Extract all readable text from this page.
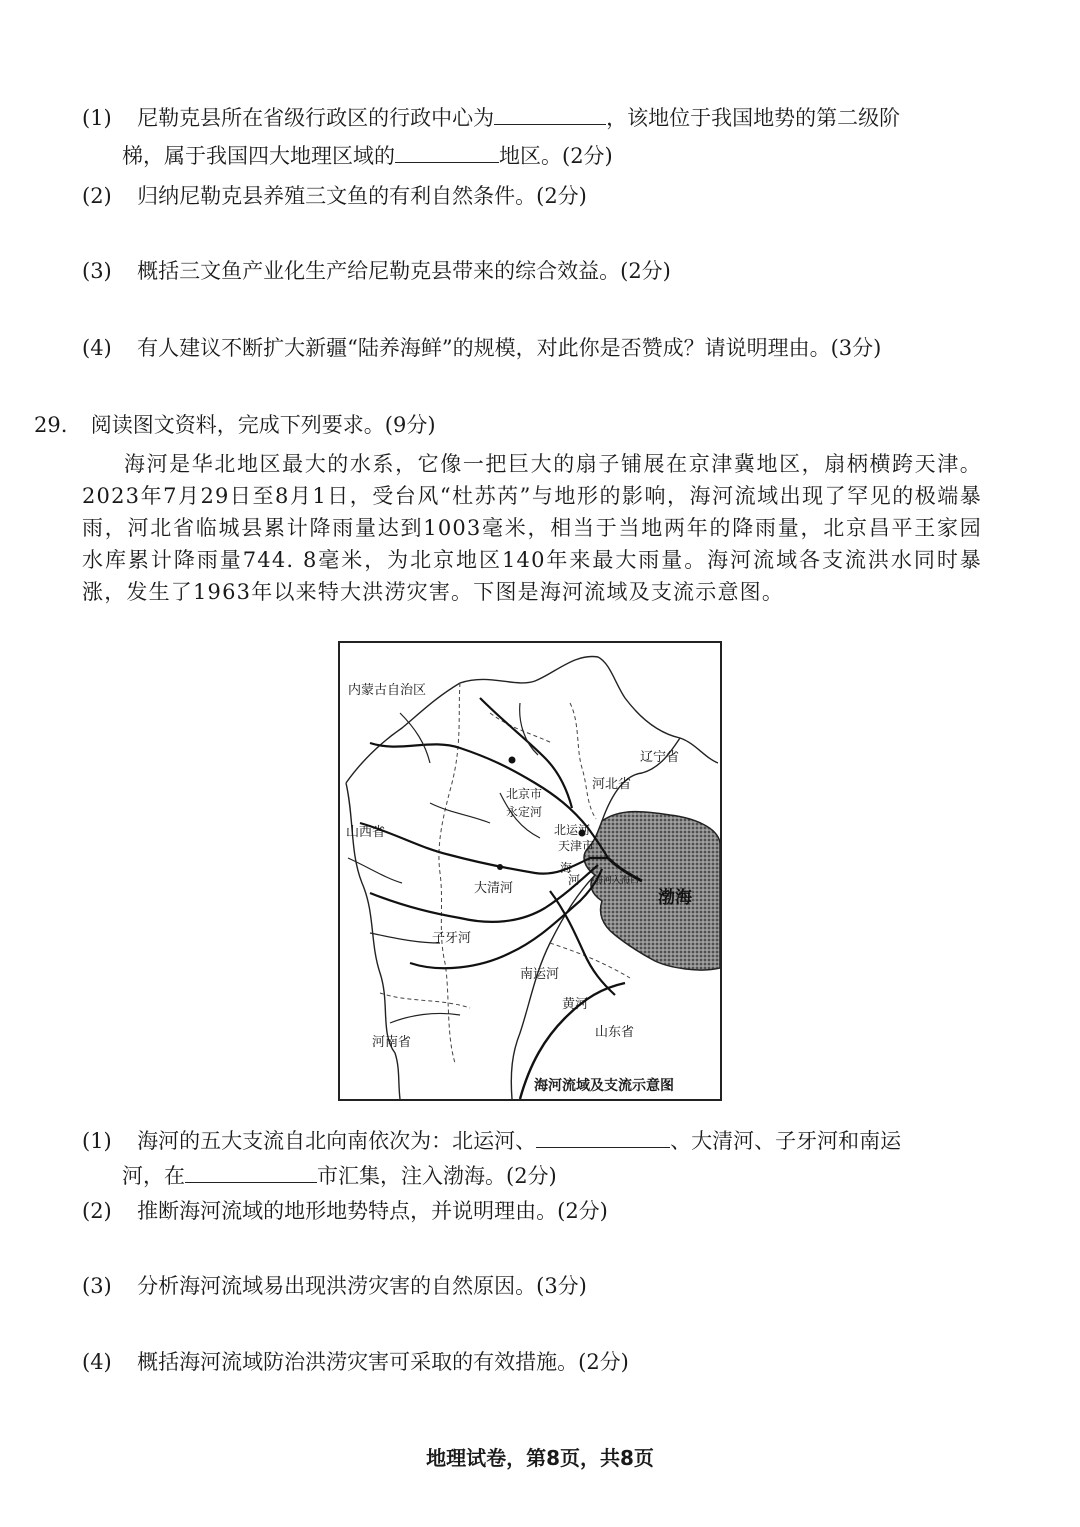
(1) 尼勒克县所在省级行政区的行政中心为	，该地位于我国地势的第二级阶
梯，属于我国四大地理区域的	地区。(2分)
(2) 归纳尼勒克县养殖三文鱼的有利自然条件。(2分)
(3) 概括三文鱼产业化生产给尼勒克县带来的综合效益。(2分)
(4) 有人建议不断扩大新疆“陆养海鲜”的规模，对此你是否赞成？请说明理由。(3分)
29. 阅读图文资料，完成下列要求。(9分)

海河是华北地区最大的水系，它像一把巨大的扇子铺展在京津冀地区，扇柄横跨天津。2023年7月29日至8月1日，受台风“杜苏芮”与地形的影响，海河流域出现了罕见的极端暴雨，河北省临城县累计降雨量达到1003毫米，相当于当地两年的降雨量，北京昌平王家园水库累计降雨量744. 8毫米，为北京地区140年来最大雨量。海河流域各支流洪水同时暴涨，发生了1963年以来特大洪涝灾害。下图是海河流域及支流示意图。

内蒙古自治区
辽宁省
河北省
北京市
永定河
山西省	北运河
天津市
海
河 海河入海口
渤海
大清河
子牙河
南运河
黄河
山东省
河南省
海河流域及支流示意图
(1) 海河的五大支流自北向南依次为：北运河、	、大清河、子牙河和南运
河，在	市汇集，注入渤海。(2分)
(2) 推断海河流域的地形地势特点，并说明理由。(2分)
(3) 分析海河流域易出现洪涝灾害的自然原因。(3分)
(4) 概括海河流域防治洪涝灾害可采取的有效措施。(2分)
地理试卷，第8页，共8页
